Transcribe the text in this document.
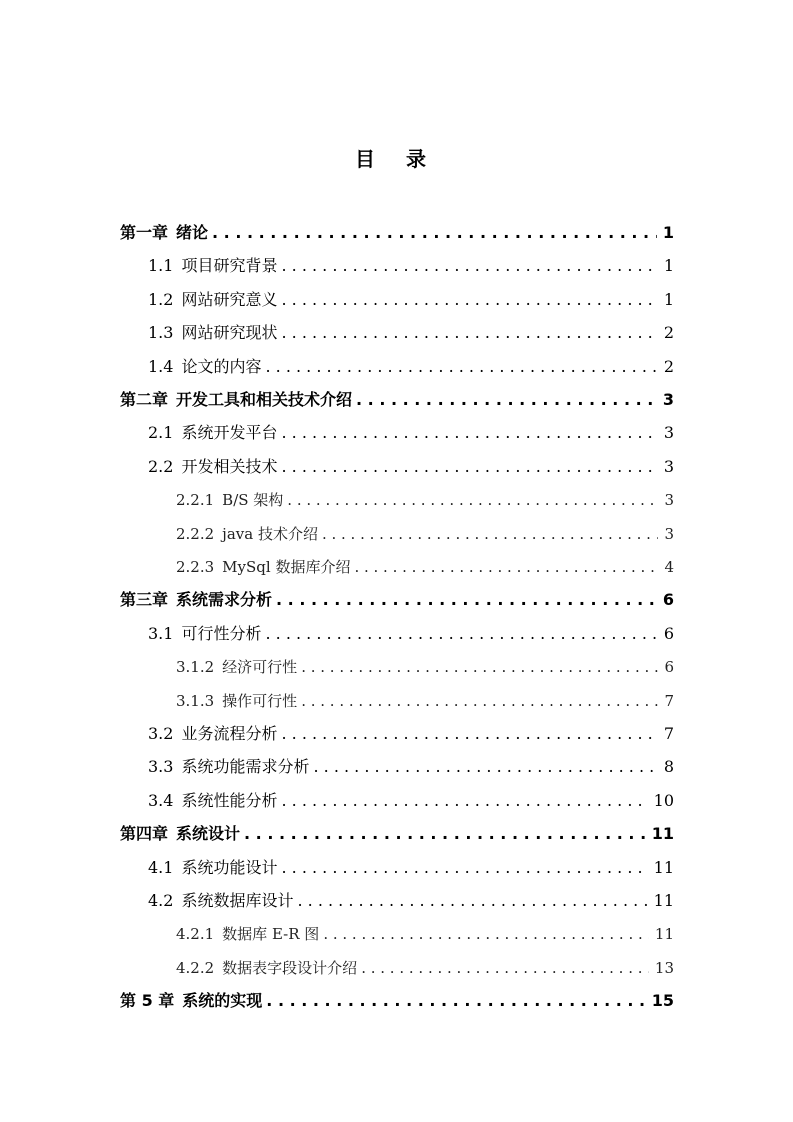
目 录
第一章 绪论 . . .	1
1.1 项目研究背景 . . .	1
1.2 网站研究意义 . . .	1
1.3 网站研究现状 . . .	2
1.4 论文的内容 . . .	2
第二章 开发工具和相关技术介绍 . . .	3
2.1 系统开发平台 . . .	3
2.2 开发相关技术 . . .	3
2.2.1 B/S 架构 . . .	3
2.2.2 java 技术介绍 . . .	3
2.2.3 MySql 数据库介绍 . . .	4
第三章 系统需求分析 . . .	6
3.1 可行性分析 . . .	6
3.1.2 经济可行性 . . .	6
3.1.3 操作可行性 . . .	7
3.2 业务流程分析 . . .	7
3.3 系统功能需求分析 . . .	8
3.4 系统性能分析 . . .	10
第四章 系统设计 . . .	11
4.1 系统功能设计 . . .	11
4.2 系统数据库设计 . . .	11
4.2.1 数据库 E-R 图 . . .	11
4.2.2 数据表字段设计介绍 . . .	13
第 5 章 系统的实现 . . .	15
